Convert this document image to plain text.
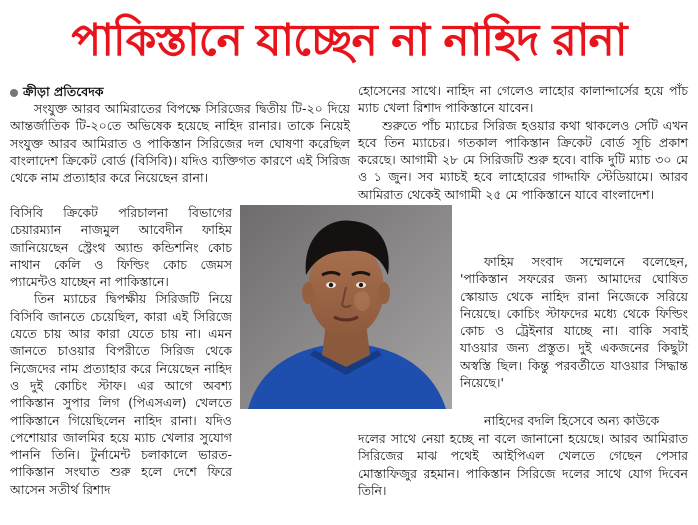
পাকিস্তানে যাচ্ছেন না নাহিদ রানা
ক্রীড়া প্রতিবেদক

সংযুক্ত আরব আমিরাতের বিপক্ষে সিরিজের দ্বিতীয় টি-২০ দিয়ে আন্তর্জাতিক টি-২০তে অভিষেক হয়েছে নাহিদ রানার। তাকে নিয়েই সংযুক্ত আরব আমিরাত ও পাকিস্তান সিরিজের দল ঘোষণা করেছিল বাংলাদেশ ক্রিকেট বোর্ড (বিসিবি)। যদিও ব্যক্তিগত কারণে এই সিরিজ থেকে নাম প্রত্যাহার করে নিয়েছেন রানা।

বিসিবি ক্রিকেট পরিচালনা বিভাগের চেয়ারম্যান নাজমুল আবেদীন ফাহিম জানিয়েছেন স্ট্রেংথ অ্যান্ড কন্ডিশনিং কোচ নাথান কেলি ও ফিল্ডিং কোচ জেমস প্যামেন্টও যাচ্ছেন না পাকিস্তানে।

তিন ম্যাচের দ্বিপক্ষীয় সিরিজটি নিয়ে বিসিবি জানতে চেয়েছিল, কারা এই সিরিজে যেতে চায় আর কারা যেতে চায় না। এমন জানতে চাওয়ার বিপরীতে সিরিজ থেকে নিজেদের নাম প্রত্যাহার করে নিয়েছেন নাহিদ ও দুই কোচিং স্টাফ। এর আগে অবশ্য পাকিস্তান সুপার লিগ (পিএসএল) খেলতে পাকিস্তানে গিয়েছিলেন নাহিদ রানা। যদিও পেশোয়ার জালমির হয়ে ম্যাচ খেলার সুযোগ পাননি তিনি। টুর্নামেন্ট চলাকালে ভারত-পাকিস্তান সংঘাত শুরু হলে দেশে ফিরে আসেন সতীর্থ রিশাদ

হোসেনের সাথে। নাহিদ না গেলেও লাহোর কালান্দার্সের হয়ে পাঁচ ম্যাচ খেলা রিশাদ পাকিস্তানে যাবেন।

শুরুতে পাঁচ ম্যাচের সিরিজ হওয়ার কথা থাকলেও সেটি এখন হবে তিন ম্যাচের। গতকাল পাকিস্তান ক্রিকেট বোর্ড সূচি প্রকাশ করেছে। আগামী ২৮ মে সিরিজটি শুরু হবে। বাকি দুটি ম্যাচ ৩০ মে ও ১ জুন। সব ম্যাচই হবে লাহোরের গাদ্দাফি স্টেডিয়ামে। আরব আমিরাত থেকেই আগামী ২৫ মে পাকিস্তানে যাবে বাংলাদেশ।

ফাহিম সংবাদ সম্মেলনে বলেছেন, 'পাকিস্তান সফরের জন্য আমাদের ঘোষিত স্কোয়াড থেকে নাহিদ রানা নিজেকে সরিয়ে নিয়েছে। কোচিং স্টাফদের মধ্যে থেকে ফিল্ডিং কোচ ও ট্রেইনার যাচ্ছে না। বাকি সবাই যাওয়ার জন্য প্রস্তুত। দুই একজনের কিছুটা অস্বস্তি ছিল। কিন্তু পরবর্তীতে যাওয়ার সিদ্ধান্ত নিয়েছে।'

নাহিদের বদলি হিসেবে অন্য কাউকে

দলের সাথে নেয়া হচ্ছে না বলে জানানো হয়েছে। আরব আমিরাত সিরিজের মাঝ পথেই আইপিএল খেলতে গেছেন পেসার মোস্তাফিজুর রহমান। পাকিস্তান সিরিজে দলের সাথে যোগ দিবেন তিনি।
